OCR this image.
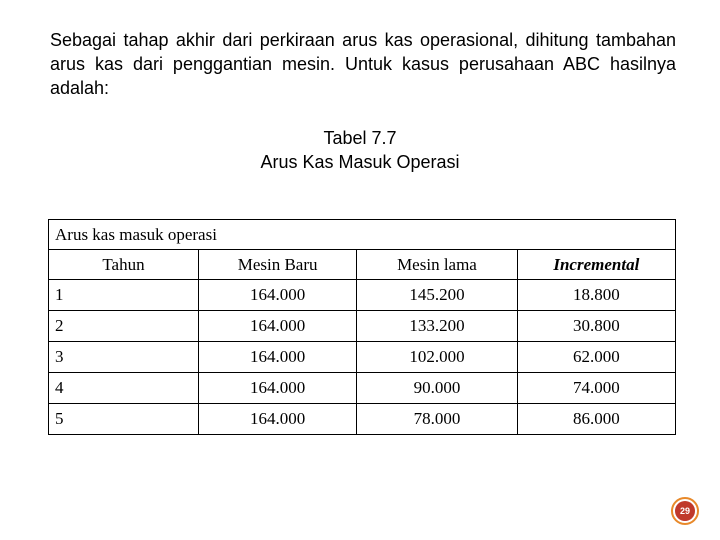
Sebagai tahap akhir dari perkiraan arus kas operasional, dihitung tambahan arus kas dari penggantian mesin. Untuk kasus perusahaan ABC hasilnya adalah:

Tabel 7.7
Arus Kas Masuk Operasi
Arus kas masuk operasi			
Tahun	Mesin Baru	Mesin lama	Incremental
1	164.000	145.200	18.800
2	164.000	133.200	30.800
3	164.000	102.000	62.000
4	164.000	90.000	74.000
5	164.000	78.000	86.000
29
